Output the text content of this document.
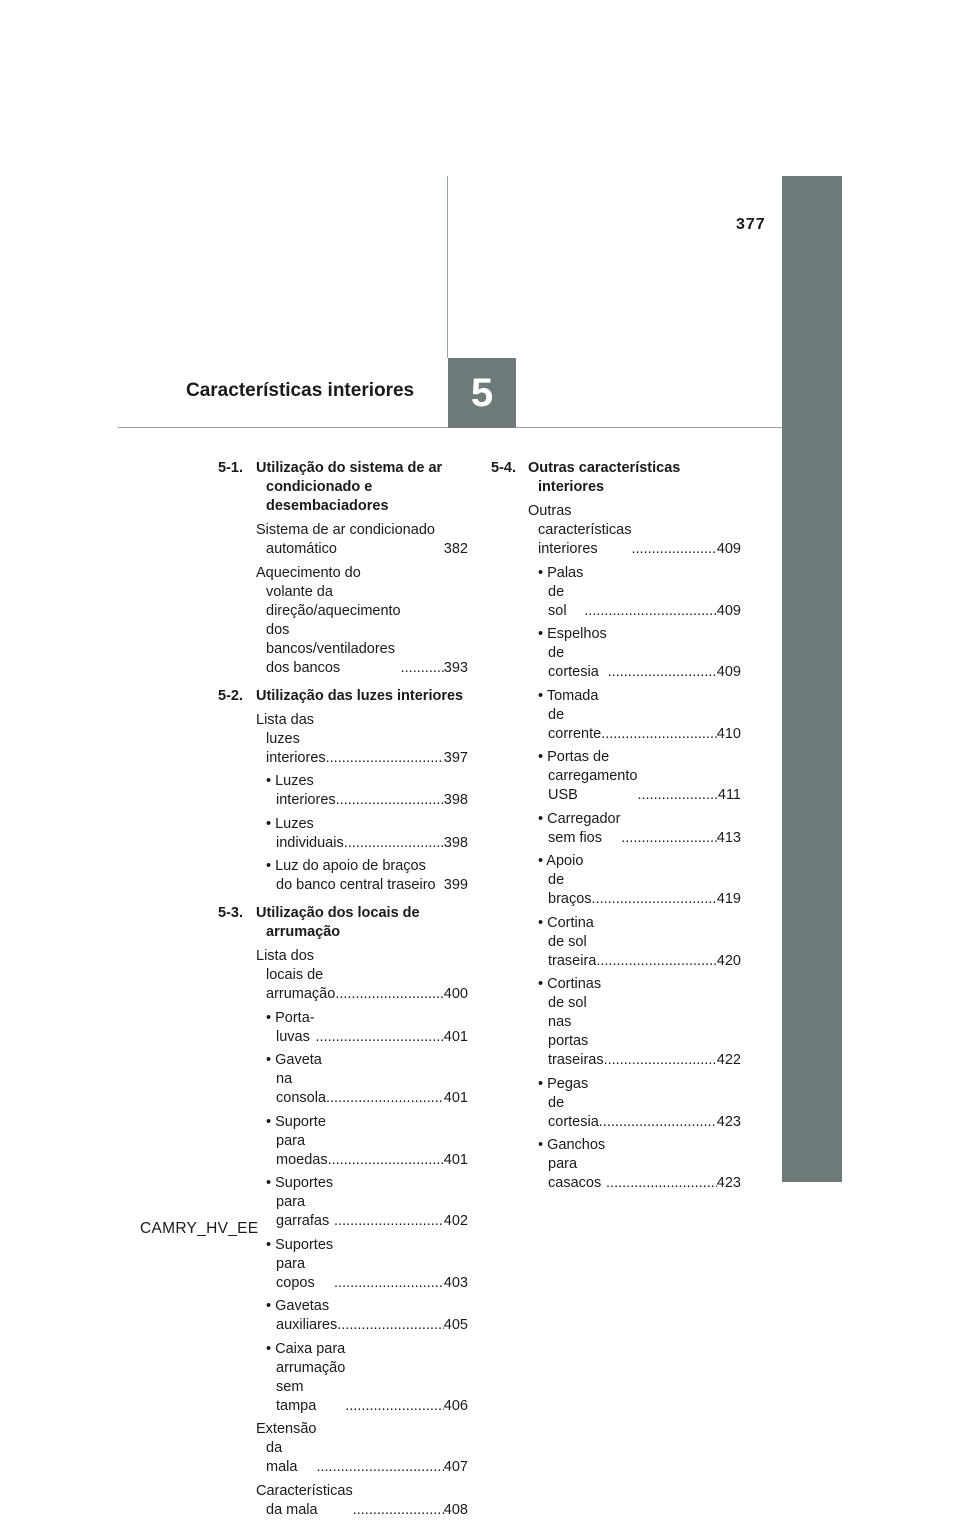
377
5
Características interiores
5-1. Utilização do sistema de ar condicionado e desembaciadores
Sistema de ar condicionado automático	382
Aquecimento do volante da direção/aquecimento dos bancos/ventiladores dos bancos .....	393
5-2. Utilização das luzes interiores
Lista das luzes interiores .....	397
• Luzes interiores .....	398
• Luzes individuais .....	398
• Luz do apoio de braços do banco central traseiro 399
5-3. Utilização dos locais de arrumação
Lista dos locais de arrumação .....	400
• Porta-luvas .....	401
• Gaveta na consola .....	401
• Suporte para moedas .....	401
• Suportes para garrafas .....	402
• Suportes para copos .....	403
• Gavetas auxiliares .....	405
• Caixa para arrumação sem tampa .....	406
Extensão da mala .....	407
Características da mala .....	408
5-4. Outras características interiores
Outras características interiores .....	409
• Palas de sol .....	409
• Espelhos de cortesia .....	409
• Tomada de corrente .....	410
• Portas de carregamento USB .....	411
• Carregador sem fios .....	413
• Apoio de braços .....	419
• Cortina de sol traseira .....	420
• Cortinas de sol nas portas traseiras .....	422
• Pegas de cortesia .....	423
• Ganchos para casacos .....	423
CAMRY_HV_EE
